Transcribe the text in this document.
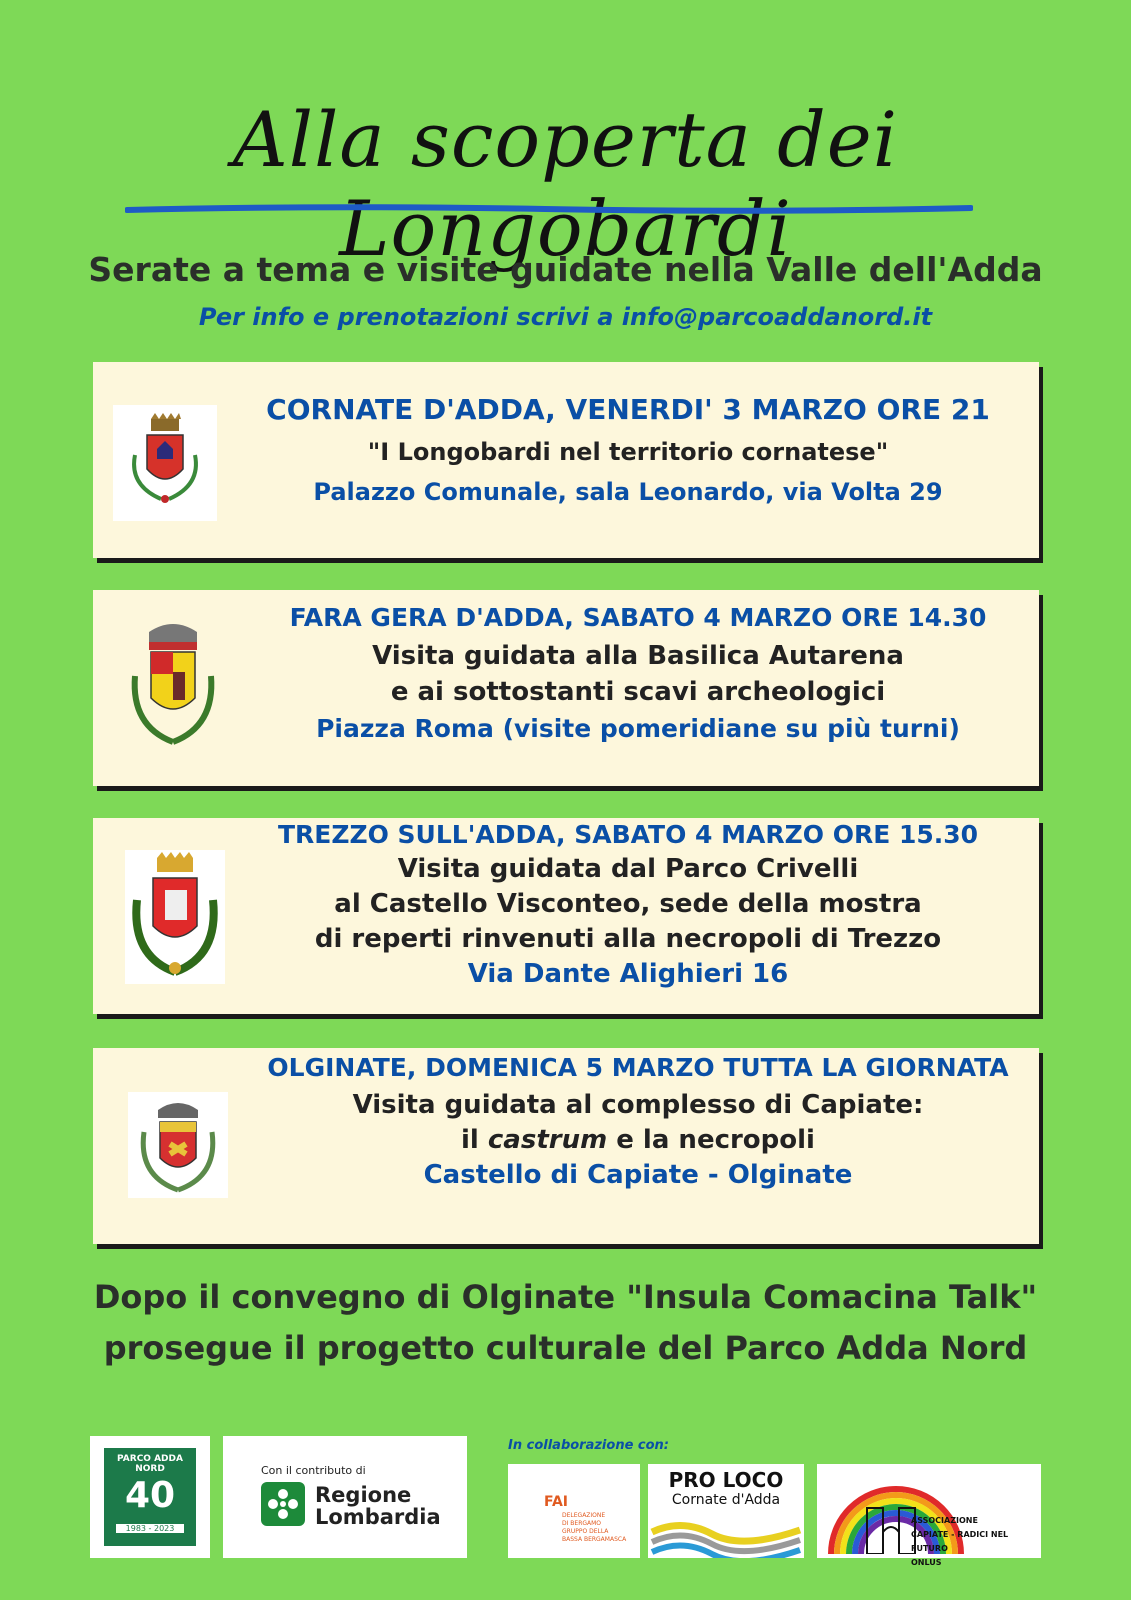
Alla scoperta dei Longobardi
Serate a tema e visite guidate nella Valle dell'Adda
Per info e prenotazioni scrivi a info@parcoaddanord.it
CORNATE D'ADDA, VENERDI' 3 MARZO ORE 21
"I Longobardi nel territorio cornatese"
Palazzo Comunale, sala Leonardo, via Volta 29
FARA GERA D'ADDA, SABATO 4 MARZO ORE 14.30
Visita guidata alla Basilica Autarena
e ai sottostanti scavi archeologici
Piazza Roma (visite pomeridiane su più turni)
TREZZO SULL'ADDA, SABATO 4 MARZO ORE 15.30
Visita guidata dal Parco Crivelli
al Castello Visconteo, sede della mostra
di reperti rinvenuti alla necropoli di Trezzo
Via Dante Alighieri 16
OLGINATE, DOMENICA 5 MARZO TUTTA LA GIORNATA
Visita guidata al complesso di Capiate:
il castrum e la necropoli
Castello di Capiate - Olginate
Dopo il convegno di Olginate "Insula Comacina Talk"
prosegue il progetto culturale del Parco Adda Nord
PARCO ADDA NORD
40
1983 - 2023
Con il contributo di
Regione
Lombardia
In collaborazione con:
FAI
DELEGAZIONE
DI BERGAMO
GRUPPO DELLA
BASSA BERGAMASCA
PRO LOCO
Cornate d'Adda
ASSOCIAZIONE
CAPIATE - RADICI NEL FUTURO
ONLUS
